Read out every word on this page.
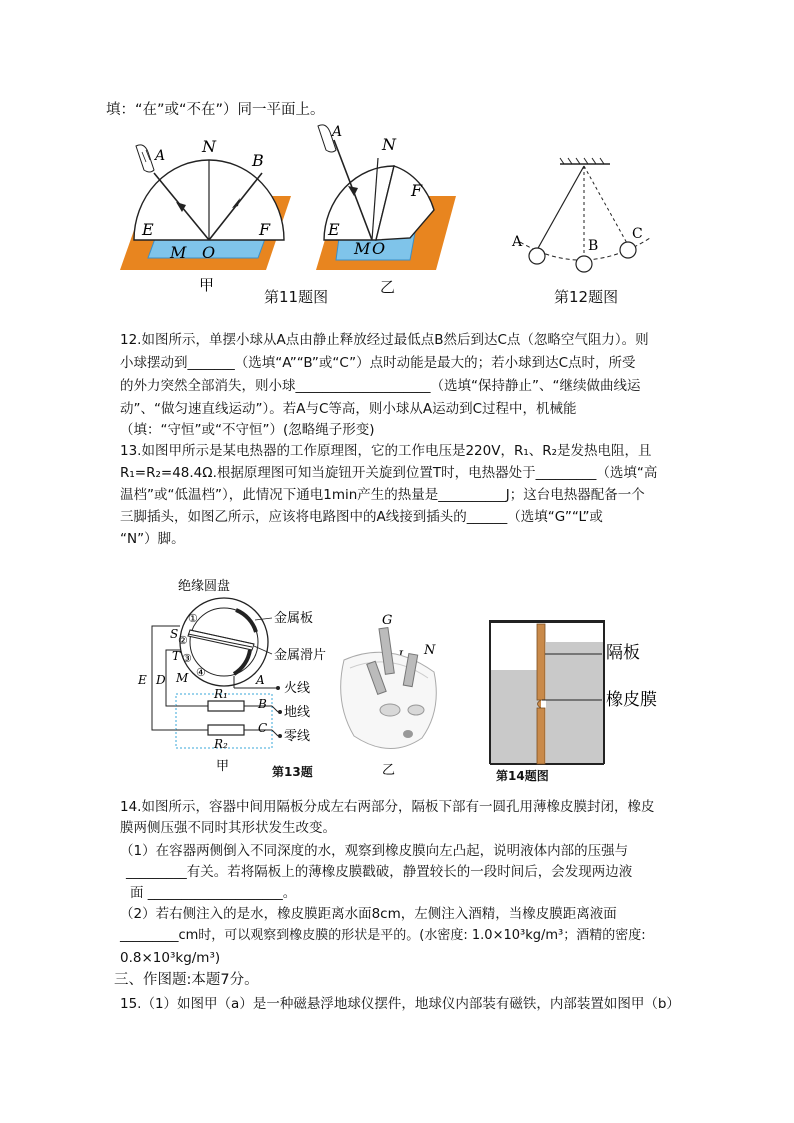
填：“在”或“不在”）同一平面上。
A N
B
E	F
M O
甲
A
N
F
E
M O
第11题图
乙
A	B
C
第12题图
12.如图所示，单摆小球从A点由静止释放经过最低点B然后到达C点（忽略空气阻力）。则
小球摆动到_______（选填“A”“B”或“C”）点时动能是最大的；若小球到达C点时，所受
的外力突然全部消失，则小球____________________（选填“保持静止”、“继续做曲线运
动”、“做匀速直线运动”）。若A与C等高，则小球从A运动到C过程中，机械能
（填：“守恒”或“不守恒”）(忽略绳子形变)
13.如图甲所示是某电热器的工作原理图，它的工作电压是220V，R₁、R₂是发热电阻，且
R₁=R₂=48.4Ω.根据原理图可知当旋钮开关旋到位置T时，电热器处于_________（选填“高
温档”或“低温档”），此情况下通电1min产生的热量是__________J；这台电热器配备一个
三脚插头，如图乙所示，应该将电路图中的A线接到插头的______（选填“G”“L”或
“N”）脚。
绝缘圆盘
①
②
③
④
金属板
金属滑片
S
T
M
E D
R₁
R₂
A
B
C
火线
地线
零线
甲	第13题
G
N
乙
隔板
橡皮膜
第14题图
14.如图所示，容器中间用隔板分成左右两部分，隔板下部有一圆孔用薄橡皮膜封闭，橡皮
膜两侧压强不同时其形状发生改变。
（1）在容器两侧倒入不同深度的水，观察到橡皮膜向左凸起，说明液体内部的压强与
_________有关。若将隔板上的薄橡皮膜戳破，静置较长的一段时间后，会发现两边液
面 ____________________。
（2）若右侧注入的是水，橡皮膜距离水面8cm，左侧注入酒精，当橡皮膜距离液面
_________cm时，可以观察到橡皮膜的形状是平的。(水密度: 1.0×10³kg/m³；酒精的密度:
0.8×10³kg/m³)
三、作图题:本题7分。
15.（1）如图甲（a）是一种磁悬浮地球仪摆件，地球仪内部装有磁铁，内部装置如图甲（b）
